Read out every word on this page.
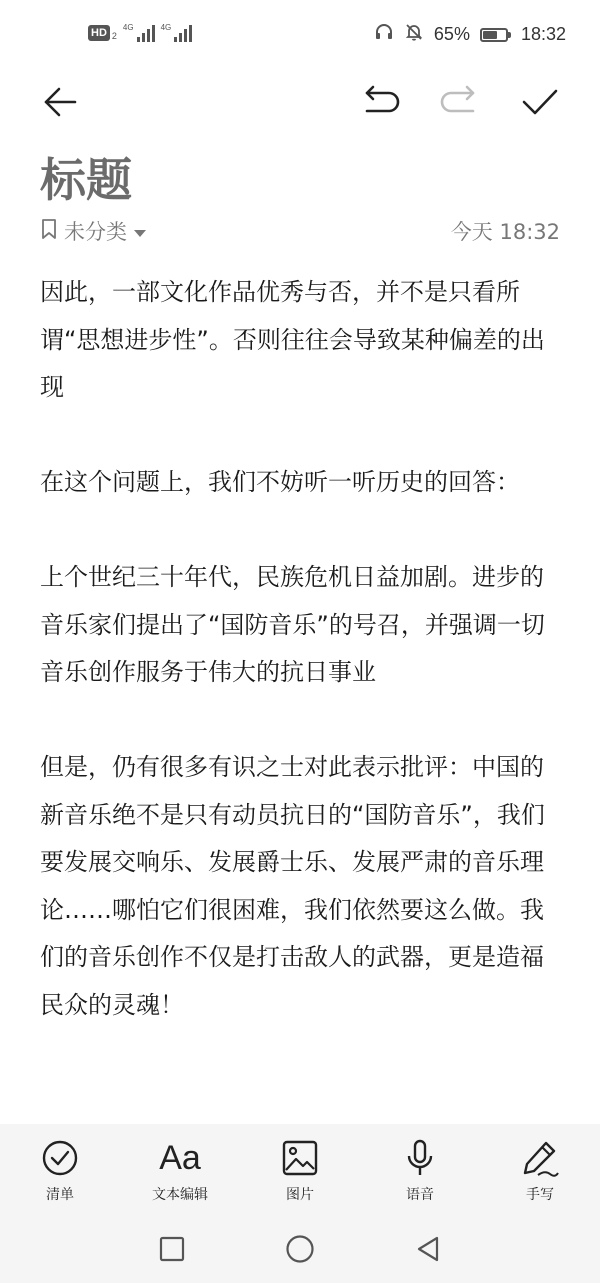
HD 2
4G	4G	65%	18:32
标题
未分类	今天 18:32

因此，一部文化作品优秀与否，并不是只看所谓“思想进步性”。否则往往会导致某种偏差的出现

在这个问题上，我们不妨听一听历史的回答：

上个世纪三十年代，民族危机日益加剧。进步的音乐家们提出了“国防音乐”的号召，并强调一切音乐创作服务于伟大的抗日事业

但是，仍有很多有识之士对此表示批评：中国的新音乐绝不是只有动员抗日的“国防音乐”，我们要发展交响乐、发展爵士乐、发展严肃的音乐理论……哪怕它们很困难，我们依然要这么做。我们的音乐创作不仅是打击敌人的武器，更是造福民众的灵魂！

清单
Aa
文本编辑	图片	语音	手写
